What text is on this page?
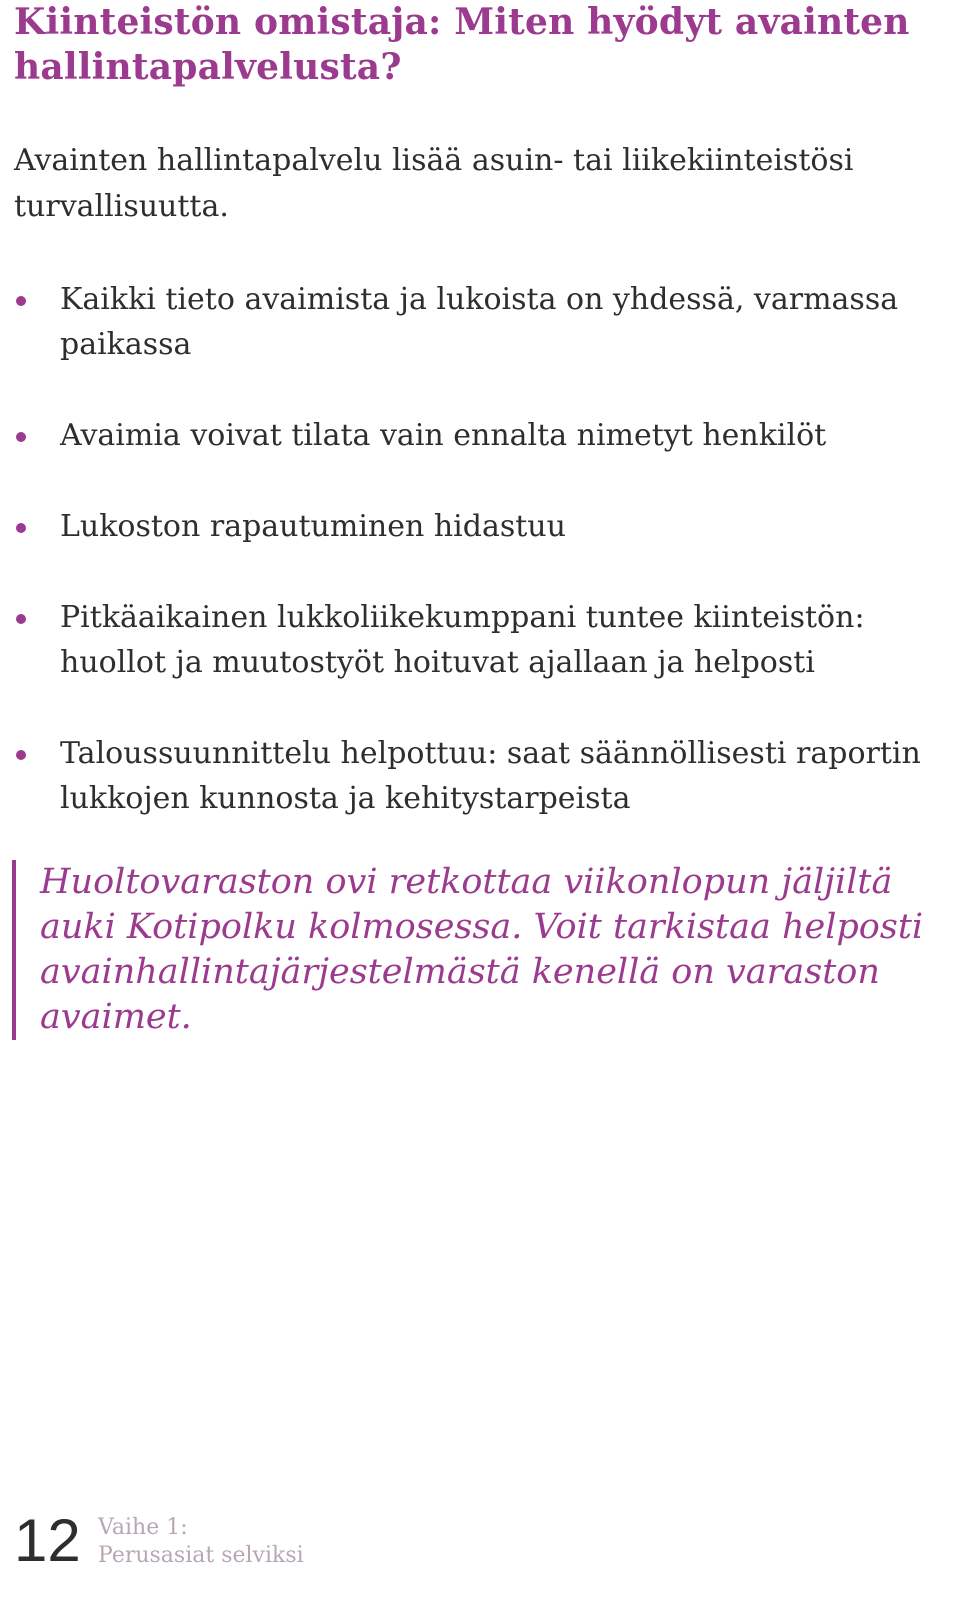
Kiinteistön omistaja: Miten hyödyt avainten hallintapalvelusta?

Avainten hallintapalvelu lisää asuin- tai liikekiinteistösi turvallisuutta.

Kaikki tieto avaimista ja lukoista on yhdessä, varmassa paikassa
Avaimia voivat tilata vain ennalta nimetyt henkilöt
Lukoston rapautuminen hidastuu
Pitkäaikainen lukkoliikekumppani tuntee kiinteistön: huollot ja muutostyöt hoituvat ajallaan ja helposti
Taloussuunnittelu helpottuu: saat säännöllisesti raportin lukkojen kunnosta ja kehitystarpeista

Huoltovaraston ovi retkottaa viikonlopun jäljiltä auki Kotipolku kolmosessa. Voit tarkistaa helposti avainhallintajärjestelmästä kenellä on varaston avaimet.

12 Vaihe 1:
Perusasiat selviksi
